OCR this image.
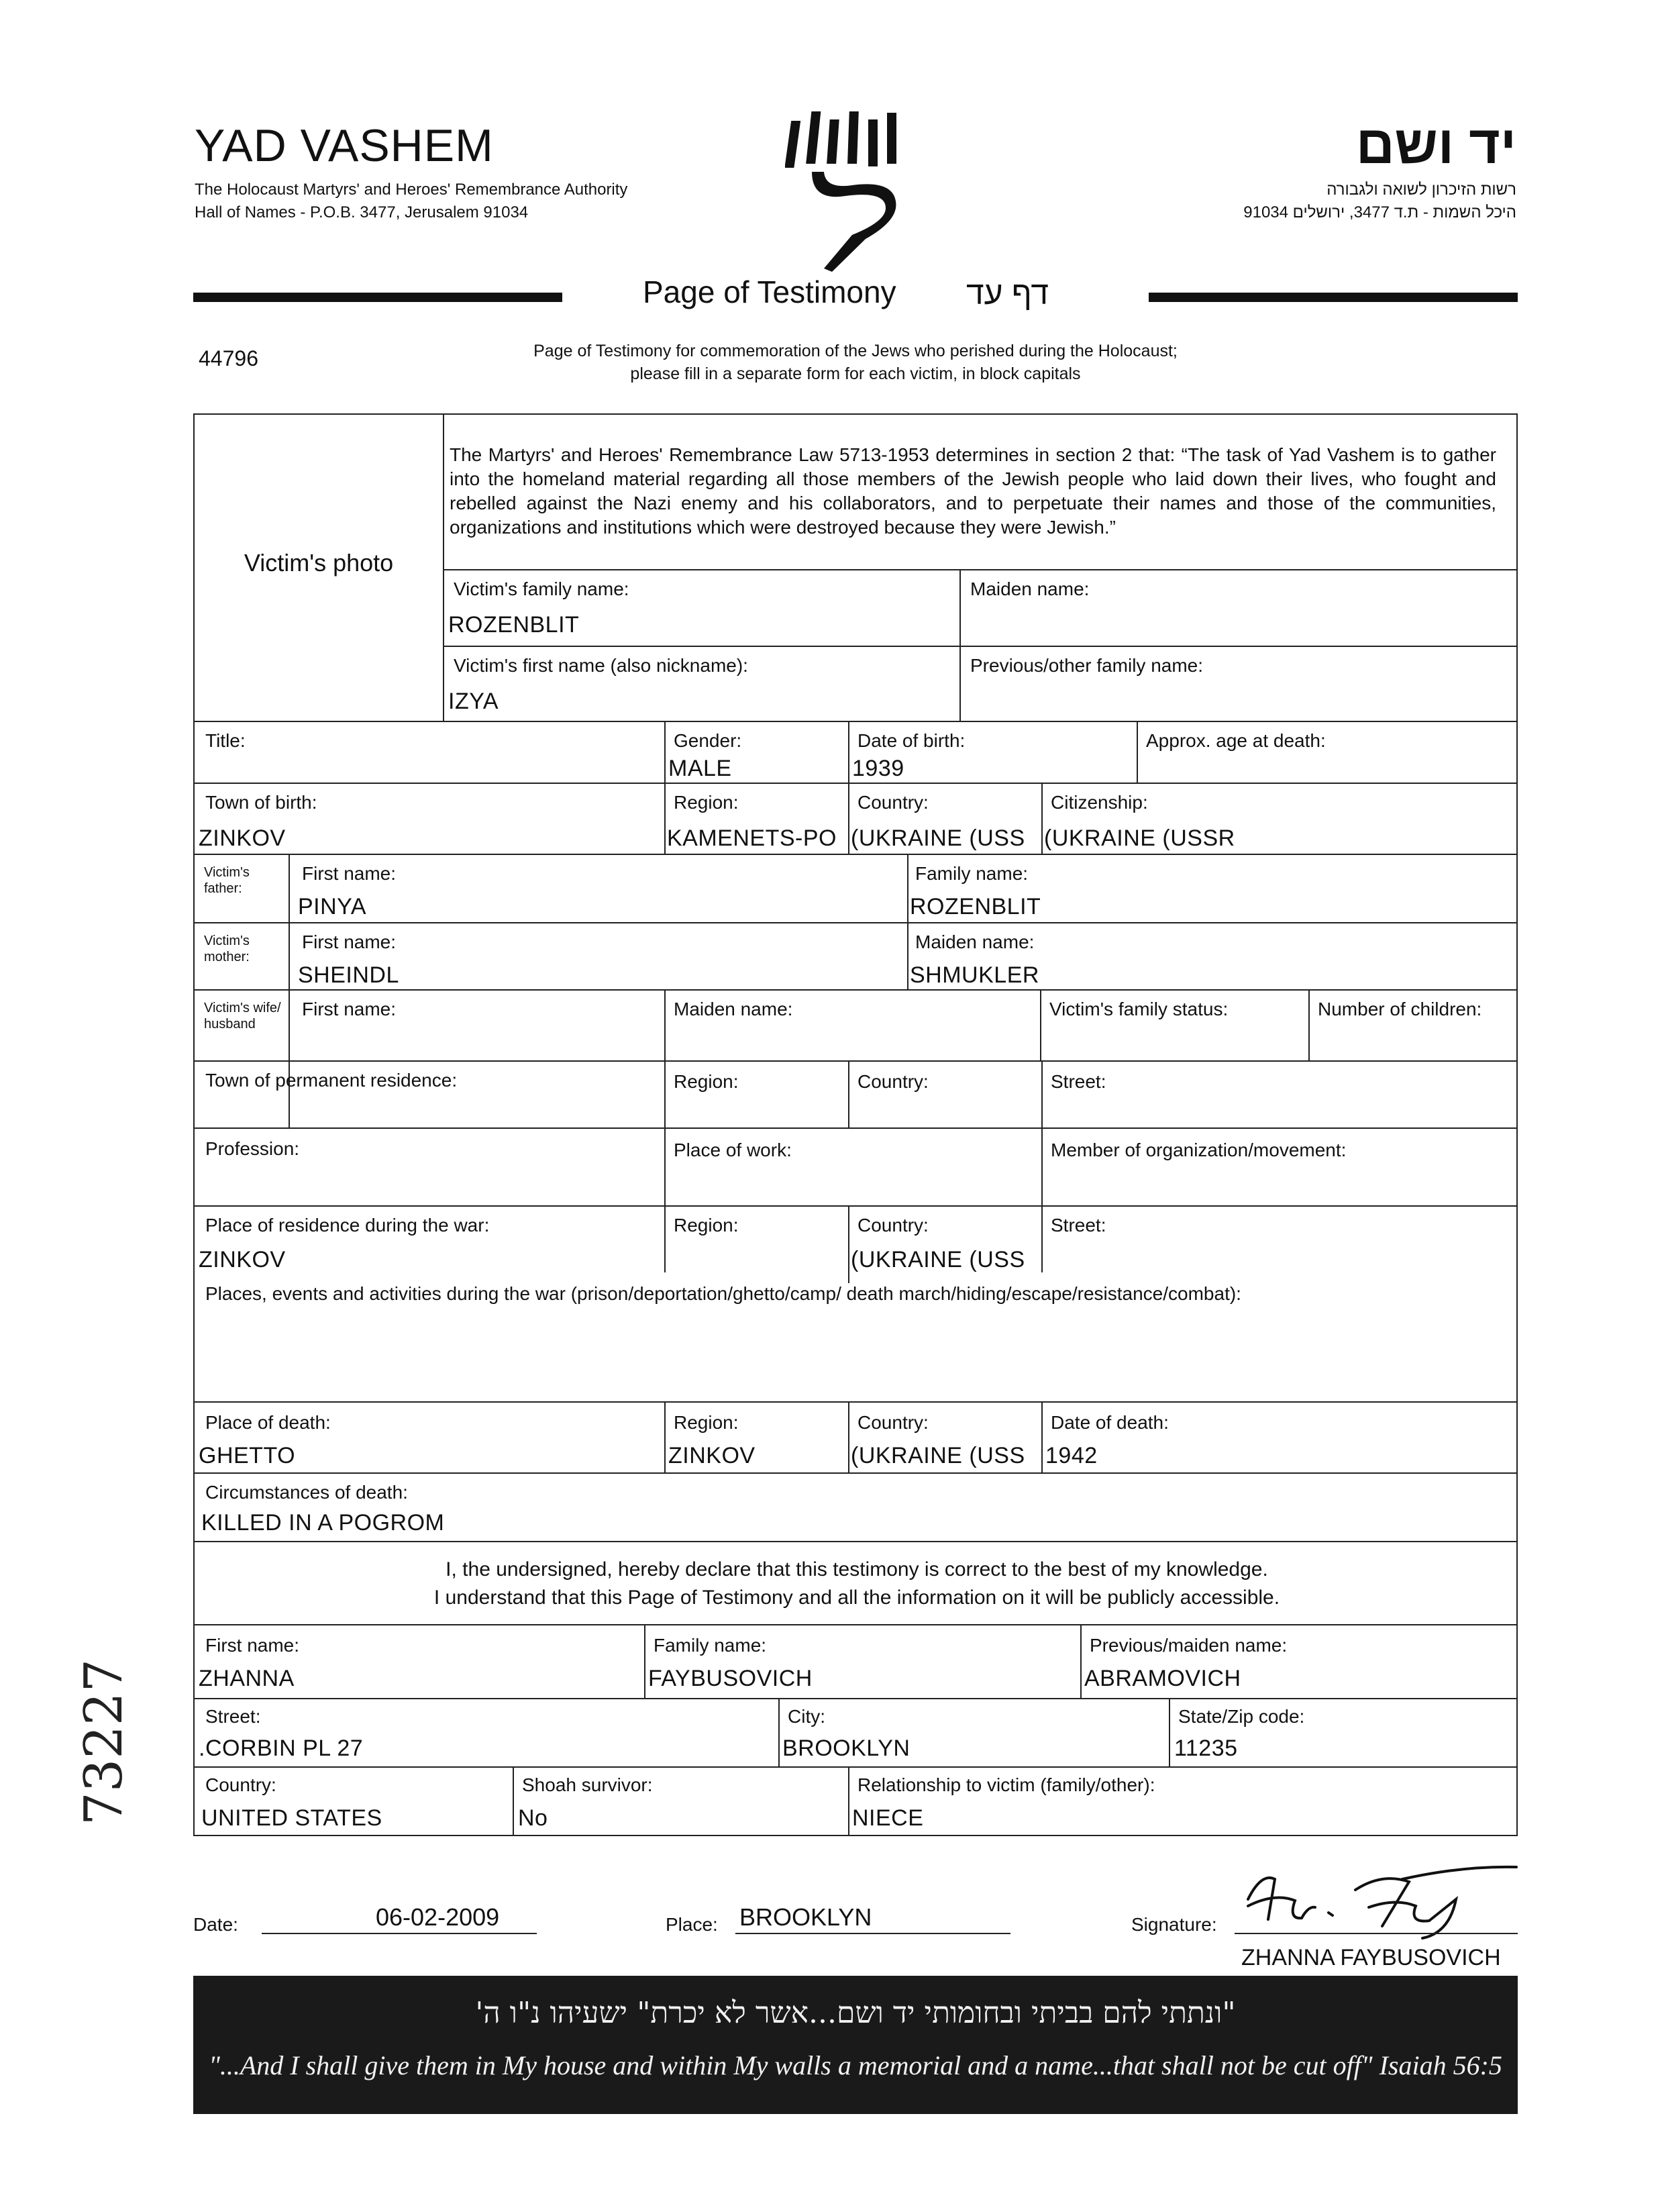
YAD VASHEM
The Holocaust Martyrs' and Heroes' Remembrance Authority
Hall of Names - P.O.B. 3477, Jerusalem 91034
יד ושם
רשות הזיכרון לשואה ולגבורה
היכל השמות - ת.ד 3477, ירושלים 91034
Page of Testimony דף עד
44796	Page of Testimony for commemoration of the Jews who perished during the Holocaust;
please fill in a separate form for each victim, in block capitals
Victim's photo
The Martyrs' and Heroes' Remembrance Law 5713-1953 determines in section 2 that: “The task of Yad Vashem is to gather into the homeland material regarding all those members of the Jewish people who laid down their lives, who fought and rebelled against the Nazi enemy and his collaborators, and to perpetuate their names and those of the communities, organizations and institutions which were destroyed because they were Jewish.”
Victim's family name:
ROZENBLIT
Maiden name:
Victim's first name (also nickname):
IZYA
Previous/other family name:
Title:	Gender:
MALE
Date of birth:
1939
Approx. age at death:
Town of birth:
ZINKOV
Region:
KAMENETS-PO
Country:
(UKRAINE (USS
Citizenship:
(UKRAINE (USSR
Victim's father:
First name:
PINYA
Family name:
ROZENBLIT
Victim's mother:
First name:
SHEINDL
Maiden name:
SHMUKLER
Victim's wife/ husband
First name:	Maiden name:	Victim's family status:	Number of children:
Town of permanent residence:	Region:	Country:	Street:
Profession:	Place of work:	Member of organization/movement:
Place of residence during the war:
ZINKOV
Region:	Country:
(UKRAINE (USS
Street:
Places, events and activities during the war (prison/deportation/ghetto/camp/ death march/hiding/escape/resistance/combat):
Place of death:
GHETTO
Region:
ZINKOV
Country:
(UKRAINE (USS
Date of death:
1942
Circumstances of death:
KILLED IN A POGROM
I, the undersigned, hereby declare that this testimony is correct to the best of my knowledge.
I understand that this Page of Testimony and all the information on it will be publicly accessible.
First name:
ZHANNA
Family name:
FAYBUSOVICH
Previous/maiden name:
ABRAMOVICH
Street:
.CORBIN PL 27
City:
BROOKLYN
State/Zip code:
11235
Country:
UNITED STATES
Shoah survivor:
No
Relationship to victim (family/other):
NIECE
Date:	06-02-2009	Place: BROOKLYN	Signature:
ZHANNA FAYBUSOVICH
73227
"ונתתי להם בביתי ובחומותי יד ושם...אשר לא יכרת" ישעיהו נ"ו ה'
"...And I shall give them in My house and within My walls a memorial and a name...that shall not be cut off" Isaiah 56:5
